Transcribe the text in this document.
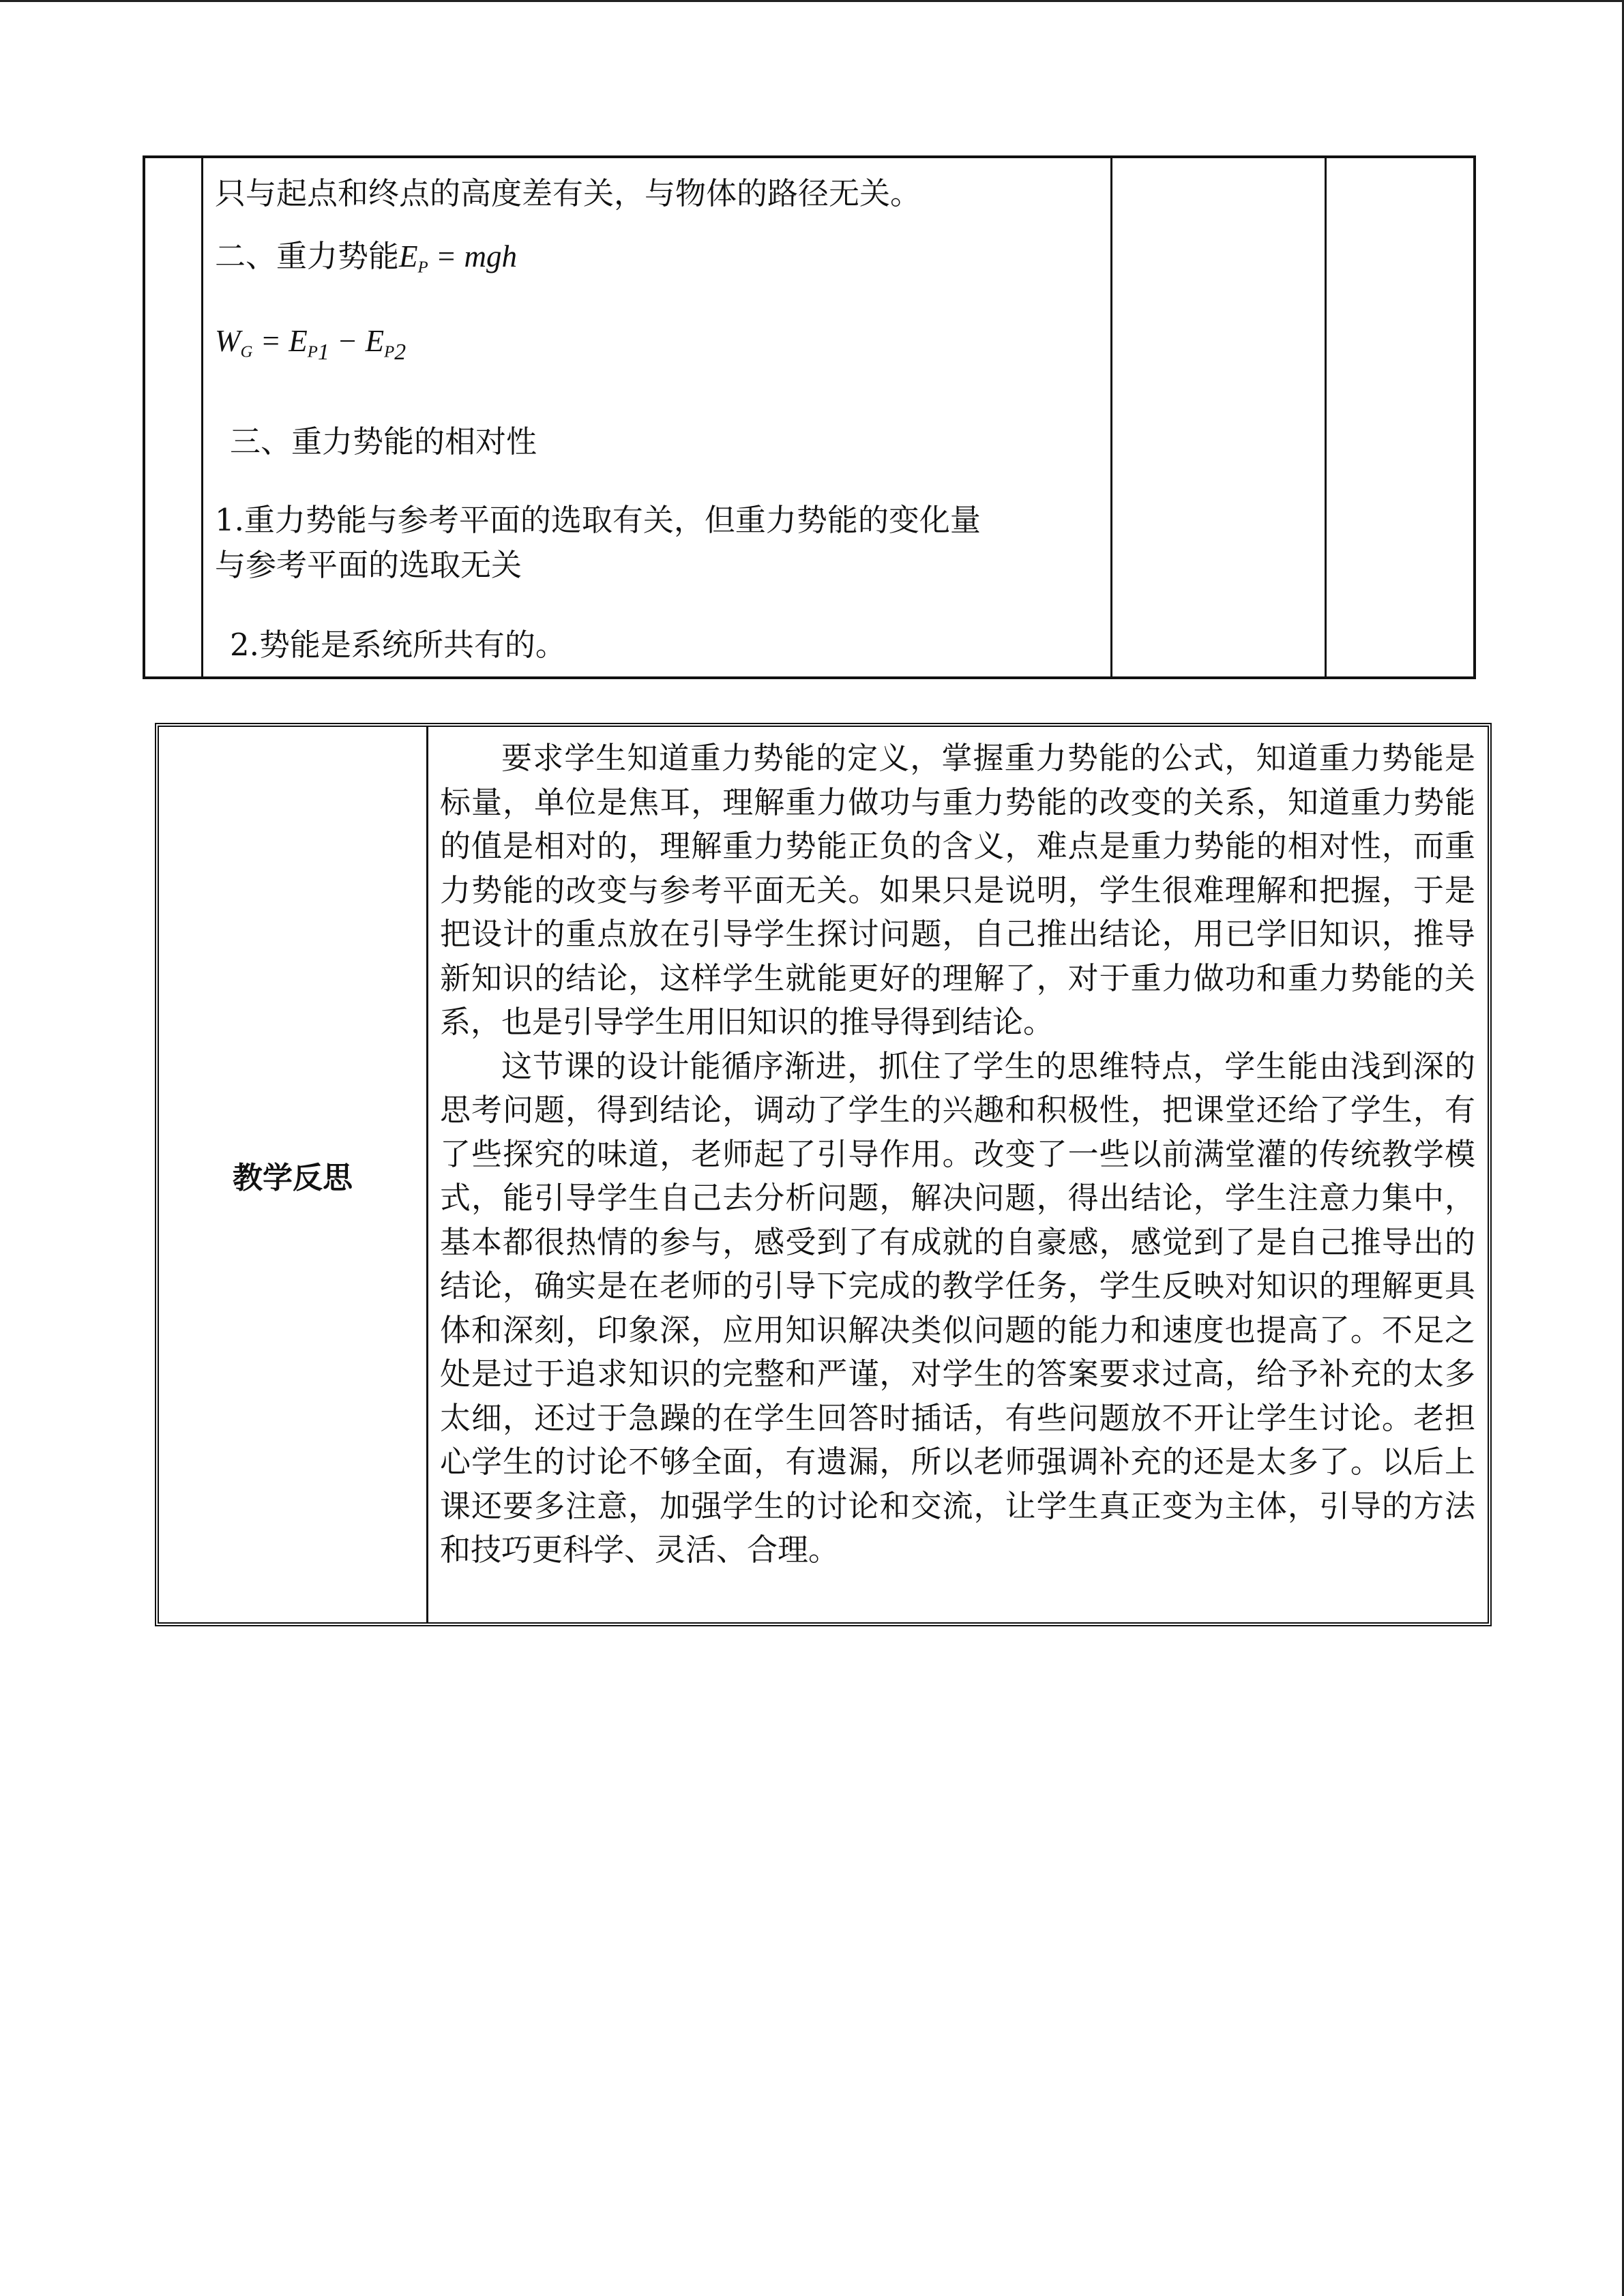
只与起点和终点的高度差有关，与物体的路径无关。
二、重力势能$E_P$ = mgh
$W_G = E_{P1} - E_{P2}$
三、重力势能的相对性
1.重力势能与参考平面的选取有关，但重力势能的变化量
与参考平面的选取无关
2.势能是系统所共有的。
教学反思

要求学生知道重力势能的定义，掌握重力势能的公式，知道重力势能是标量，单位是焦耳，理解重力做功与重力势能的改变的关系，知道重力势能的值是相对的，理解重力势能正负的含义，难点是重力势能的相对性，而重力势能的改变与参考平面无关。如果只是说明，学生很难理解和把握，于是把设计的重点放在引导学生探讨问题，自己推出结论，用已学旧知识，推导新知识的结论，这样学生就能更好的理解了，对于重力做功和重力势能的关系，也是引导学生用旧知识的推导得到结论。

这节课的设计能循序渐进，抓住了学生的思维特点，学生能由浅到深的思考问题，得到结论，调动了学生的兴趣和积极性，把课堂还给了学生，有了些探究的味道，老师起了引导作用。改变了一些以前满堂灌的传统教学模式，能引导学生自己去分析问题，解决问题，得出结论，学生注意力集中，基本都很热情的参与，感受到了有成就的自豪感，感觉到了是自己推导出的结论，确实是在老师的引导下完成的教学任务，学生反映对知识的理解更具体和深刻，印象深，应用知识解决类似问题的能力和速度也提高了。不足之处是过于追求知识的完整和严谨，对学生的答案要求过高，给予补充的太多太细，还过于急躁的在学生回答时插话，有些问题放不开让学生讨论。老担心学生的讨论不够全面，有遗漏，所以老师强调补充的还是太多了。以后上课还要多注意，加强学生的讨论和交流，让学生真正变为主体，引导的方法和技巧更科学、灵活、合理。
